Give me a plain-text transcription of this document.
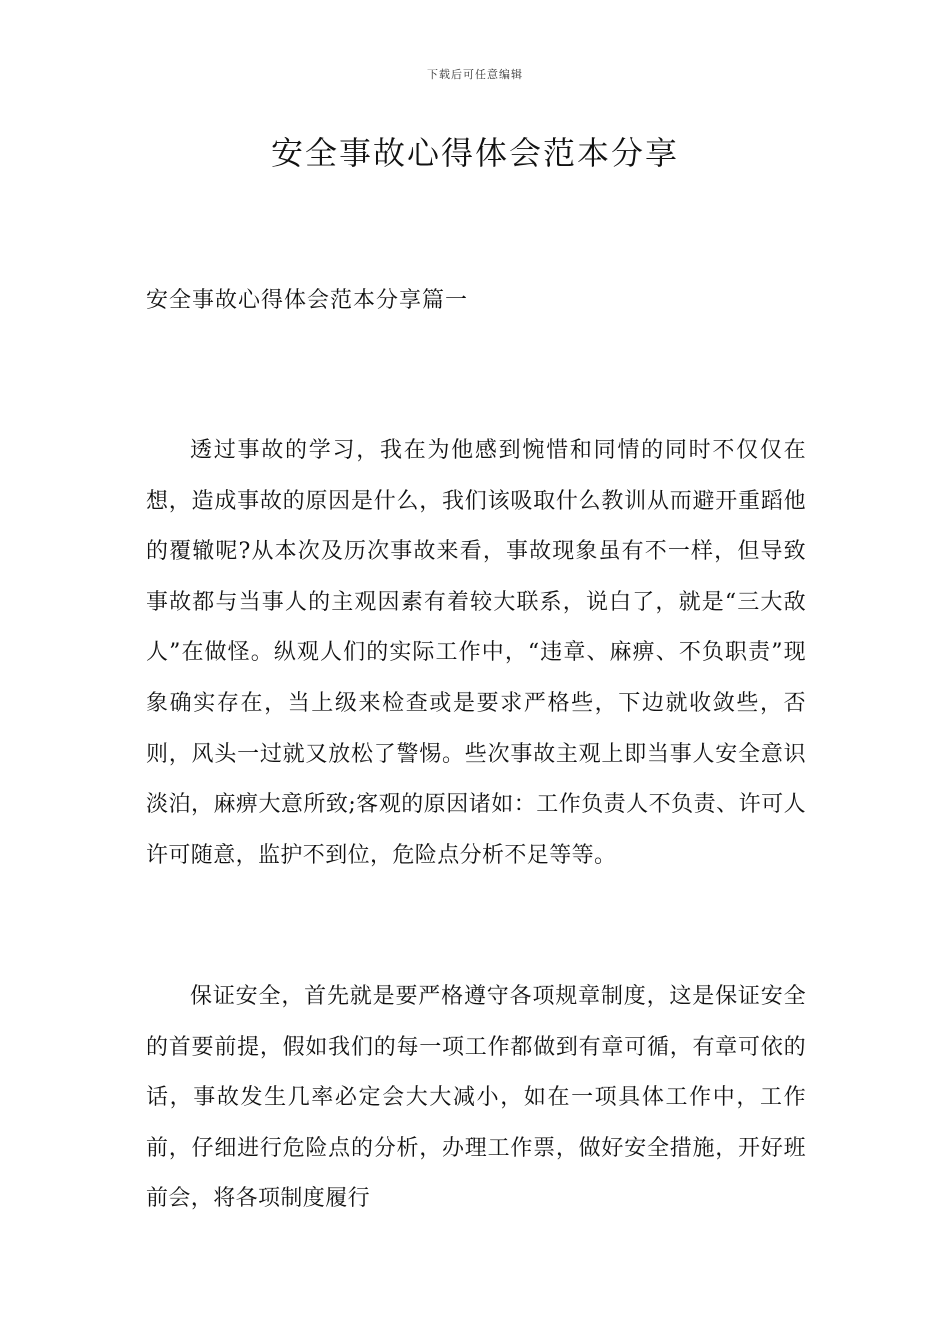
下载后可任意编辑
安全事故心得体会范本分享
安全事故心得体会范本分享篇一

透过事故的学习，我在为他感到惋惜和同情的同时不仅仅在想，造成事故的原因是什么，我们该吸取什么教训从而避开重蹈他的覆辙呢?从本次及历次事故来看，事故现象虽有不一样，但导致事故都与当事人的主观因素有着较大联系，说白了，就是“三大敌人”在做怪。纵观人们的实际工作中，“违章、麻痹、不负职责”现象确实存在，当上级来检查或是要求严格些，下边就收敛些，否则，风头一过就又放松了警惕。些次事故主观上即当事人安全意识淡泊，麻痹大意所致;客观的原因诸如：工作负责人不负责、许可人许可随意，监护不到位，危险点分析不足等等。

保证安全，首先就是要严格遵守各项规章制度，这是保证安全的首要前提，假如我们的每一项工作都做到有章可循，有章可依的话，事故发生几率必定会大大减小，如在一项具体工作中，工作前，仔细进行危险点的分析，办理工作票，做好安全措施，开好班前会，将各项制度履行
